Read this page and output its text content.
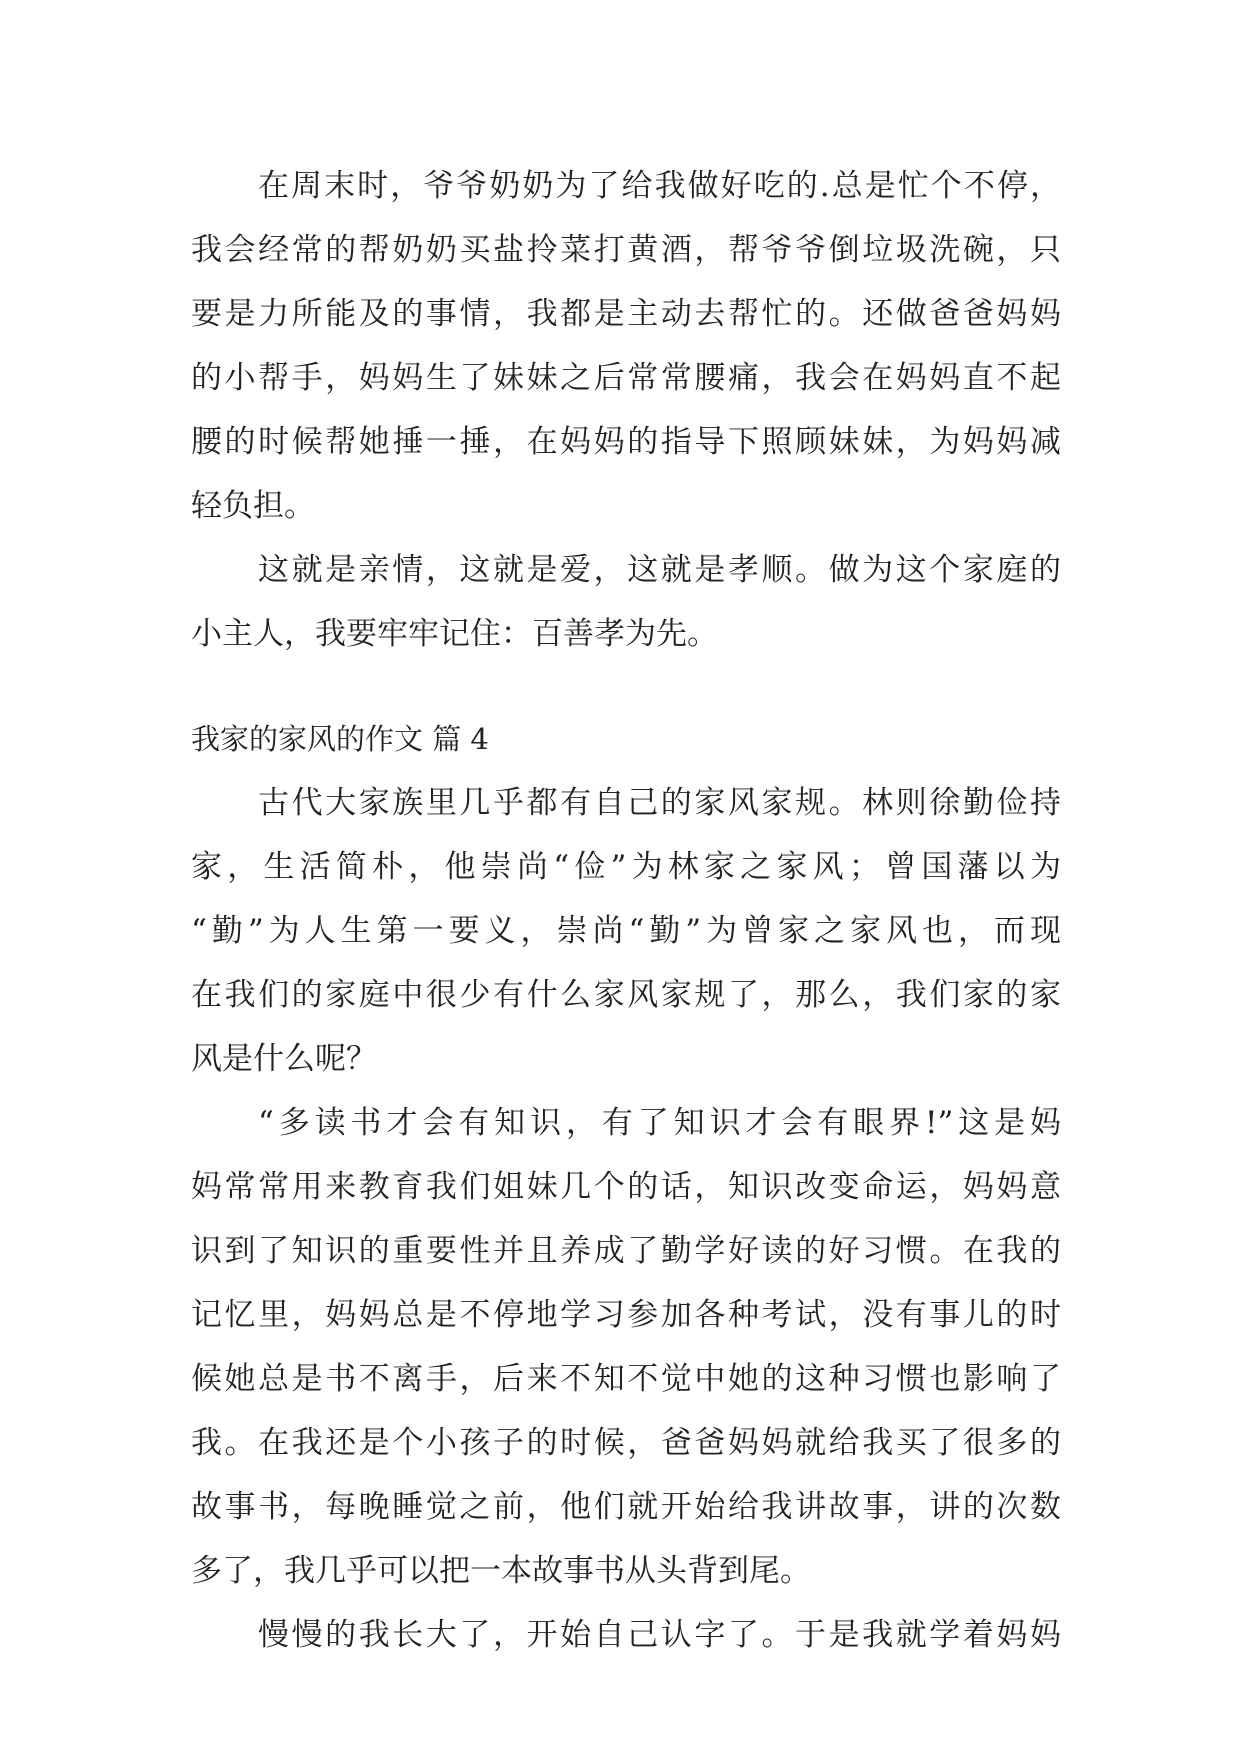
在周末时，爷爷奶奶为了给我做好吃的.总是忙个不停，
我会经常的帮奶奶买盐拎菜打黄酒，帮爷爷倒垃圾洗碗，只
要是力所能及的事情，我都是主动去帮忙的。还做爸爸妈妈
的小帮手，妈妈生了妹妹之后常常腰痛，我会在妈妈直不起
腰的时候帮她捶一捶，在妈妈的指导下照顾妹妹，为妈妈减
轻负担。
这就是亲情，这就是爱，这就是孝顺。做为这个家庭的
小主人，我要牢牢记住：百善孝为先。
我家的家风的作文 篇 4
古代大家族里几乎都有自己的家风家规。林则徐勤俭持
家，生活简朴，他崇尚“俭”为林家之家风；曾国藩以为
“勤”为人生第一要义，崇尚“勤”为曾家之家风也，而现
在我们的家庭中很少有什么家风家规了，那么，我们家的家
风是什么呢？
“多读书才会有知识，有了知识才会有眼界!”这是妈
妈常常用来教育我们姐妹几个的话，知识改变命运，妈妈意
识到了知识的重要性并且养成了勤学好读的好习惯。在我的
记忆里，妈妈总是不停地学习参加各种考试，没有事儿的时
候她总是书不离手，后来不知不觉中她的这种习惯也影响了
我。在我还是个小孩子的时候，爸爸妈妈就给我买了很多的
故事书，每晚睡觉之前，他们就开始给我讲故事，讲的次数
多了，我几乎可以把一本故事书从头背到尾。
慢慢的我长大了，开始自己认字了。于是我就学着妈妈
